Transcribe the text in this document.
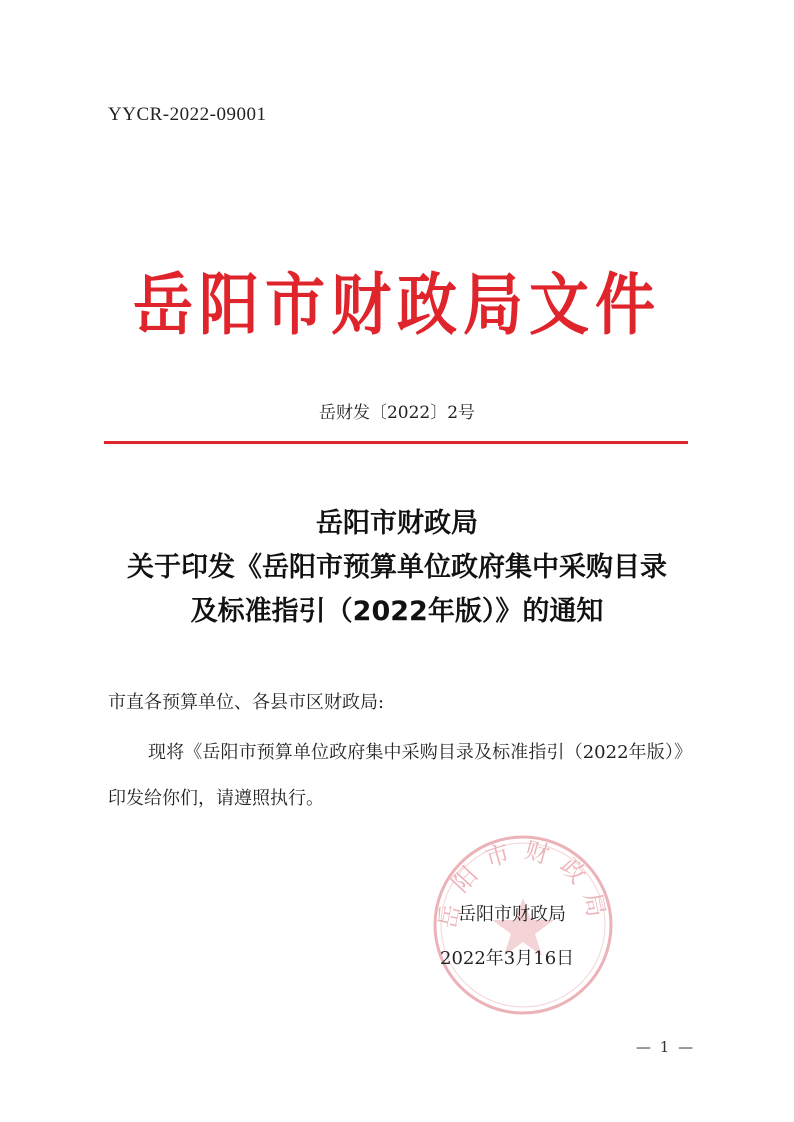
YYCR-2022-09001
岳阳市财政局文件
岳财发〔2022〕2号
岳阳市财政局
关于印发《岳阳市预算单位政府集中采购目录
及标准指引（2022年版）》的通知
市直各预算单位、各县市区财政局:
现将《岳阳市预算单位政府集中采购目录及标准指引（2022年版）》印发给你们，请遵照执行。
岳阳市财政局
岳阳市财政局
2022年3月16日
— 1 —
